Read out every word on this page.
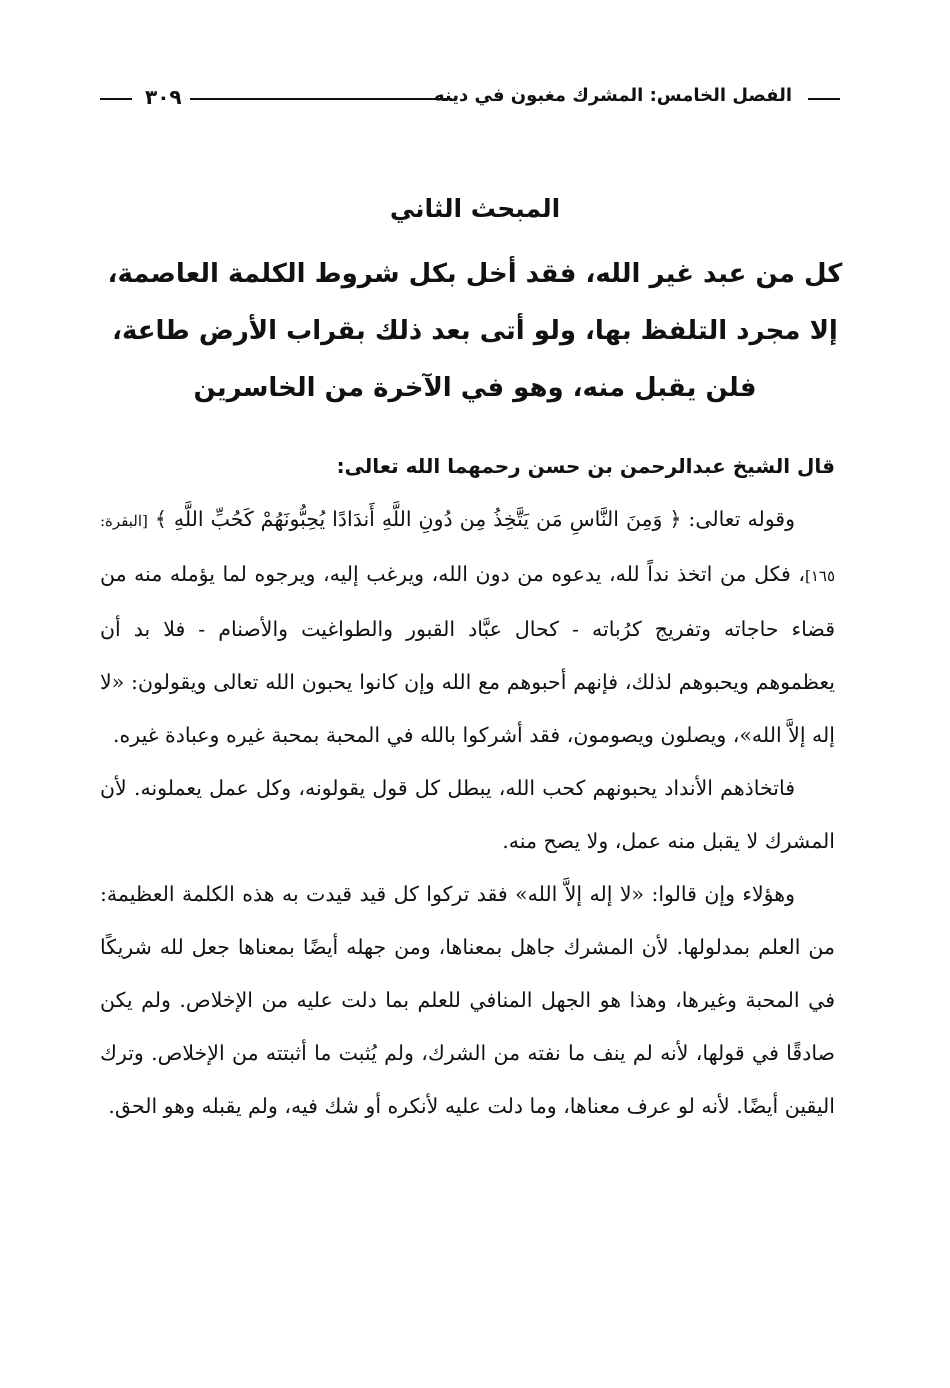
الفصل الخامس: المشرك مغبون في دينه
٣٠٩
المبحث الثاني
كل من عبد غير الله، فقد أخل بكل شروط الكلمة العاصمة،
إلا مجرد التلفظ بها، ولو أتى بعد ذلك بقراب الأرض طاعة،
فلن يقبل منه، وهو في الآخرة من الخاسرين

قال الشيخ عبدالرحمن بن حسن رحمهما الله تعالى:

وقوله تعالى: ﴿ وَمِنَ النَّاسِ مَن يَتَّخِذُ مِن دُونِ اللَّهِ أَندَادًا يُحِبُّونَهُمْ كَحُبِّ اللَّهِ ﴾ [البقرة: ١٦٥]، فكل من اتخذ نداً لله، يدعوه من دون الله، ويرغب إليه، ويرجوه لما يؤمله منه من قضاء حاجاته وتفريج كرُباته - كحال عبَّاد القبور والطواغيت والأصنام - فلا بد أن يعظموهم ويحبوهم لذلك، فإنهم أحبوهم مع الله وإن كانوا يحبون الله تعالى ويقولون: «لا إله إلاَّ الله»، ويصلون ويصومون، فقد أشركوا بالله في المحبة بمحبة غيره وعبادة غيره.

فاتخاذهم الأنداد يحبونهم كحب الله، يبطل كل قول يقولونه، وكل عمل يعملونه. لأن المشرك لا يقبل منه عمل، ولا يصح منه.

وهؤلاء وإن قالوا: «لا إله إلاَّ الله» فقد تركوا كل قيد قيدت به هذه الكلمة العظيمة: من العلم بمدلولها. لأن المشرك جاهل بمعناها، ومن جهله أيضًا بمعناها جعل لله شريكًا في المحبة وغيرها، وهذا هو الجهل المنافي للعلم بما دلت عليه من الإخلاص. ولم يكن صادقًا في قولها، لأنه لم ينف ما نفته من الشرك، ولم يُثبت ما أثبتته من الإخلاص. وترك اليقين أيضًا. لأنه لو عرف معناها، وما دلت عليه لأنكره أو شك فيه، ولم يقبله وهو الحق.
